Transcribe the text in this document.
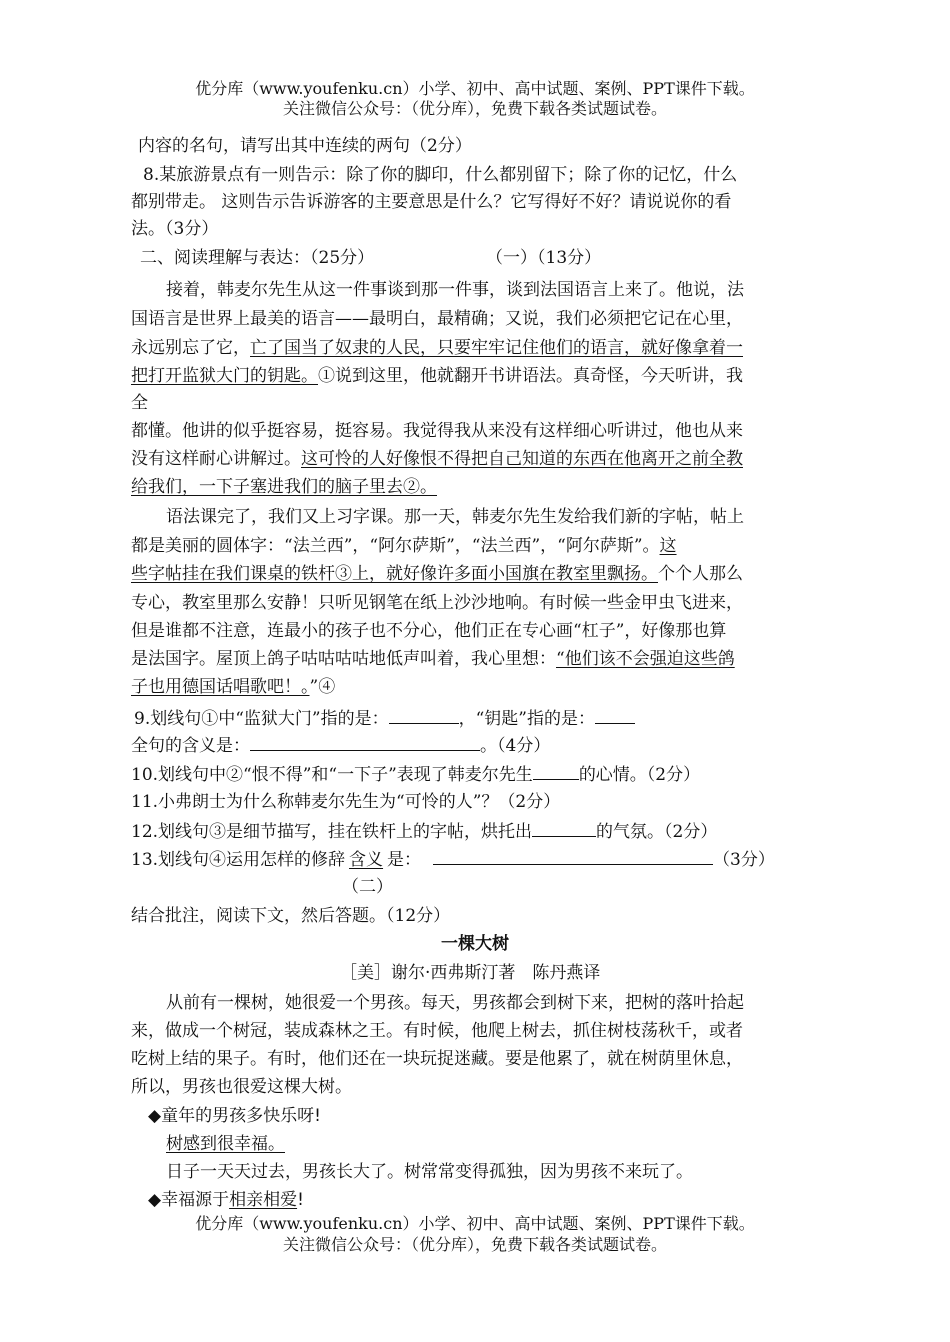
优分库（www.youfenku.cn）小学、初中、高中试题、案例、PPT课件下载。
关注微信公众号：（优分库），免费下载各类试题试卷。
内容的名句，请写出其中连续的两句（2分）
8.某旅游景点有一则告示：除了你的脚印，什么都别留下；除了你的记忆，什么
都别带走。 这则告示告诉游客的主要意思是什么？它写得好不好？请说说你的看
法。（3分）
二、阅读理解与表达：（25分）	（一）（13分）
接着，韩麦尔先生从这一件事谈到那一件事，谈到法国语言上来了。他说，法
国语言是世界上最美的语言——最明白，最精确；又说，我们必须把它记在心里，
永远别忘了它，亡了国当了奴隶的人民，只要牢牢记住他们的语言，就好像拿着一
把打开监狱大门的钥匙。①说到这里，他就翻开书讲语法。真奇怪，今天听讲，我
全
都懂。他讲的似乎挺容易，挺容易。我觉得我从来没有这样细心听讲过，他也从来
没有这样耐心讲解过。这可怜的人好像恨不得把自己知道的东西在他离开之前全教
给我们，一下子塞进我们的脑子里去②。
语法课完了，我们又上习字课。那一天，韩麦尔先生发给我们新的字帖，帖上
都是美丽的圆体字：“法兰西”，“阿尔萨斯”，“法兰西”，“阿尔萨斯”。这
些字帖挂在我们课桌的铁杆③上，就好像许多面小国旗在教室里飘扬。个个人那么
专心，教室里那么安静！只听见钢笔在纸上沙沙地响。有时候一些金甲虫飞进来，
但是谁都不注意，连最小的孩子也不分心，他们正在专心画“杠子”，好像那也算
是法国字。屋顶上鸽子咕咕咕咕地低声叫着，我心里想：“他们该不会强迫这些鸽
子也用德国话唱歌吧！。”④
9.划线句①中“监狱大门”指的是：	，“钥匙”指的是：
全句的含义是：	。（4分）
10.划线句中②“恨不得”和“一下子”表现了韩麦尔先生	的心情。（2分）
11.小弗朗士为什么称韩麦尔先生为“可怜的人”？（2分）
12.划线句③是细节描写，挂在铁杆上的字帖，烘托出	的气氛。（2分）
13.划线句④运用怎样的修辞 含义 是：	（3分）
（二）
结合批注，阅读下文，然后答题。（12分）
一棵大树
［美］谢尔·西弗斯汀著　陈丹燕译
从前有一棵树，她很爱一个男孩。每天，男孩都会到树下来，把树的落叶拾起
来，做成一个树冠，装成森林之王。有时候，他爬上树去，抓住树枝荡秋千，或者
吃树上结的果子。有时，他们还在一块玩捉迷藏。要是他累了，就在树荫里休息，
所以，男孩也很爱这棵大树。
◆童年的男孩多快乐呀!
树感到很幸福。
日子一天天过去，男孩长大了。树常常变得孤独，因为男孩不来玩了。
◆幸福源于相亲相爱!
优分库（www.youfenku.cn）小学、初中、高中试题、案例、PPT课件下载。
关注微信公众号：（优分库），免费下载各类试题试卷。
